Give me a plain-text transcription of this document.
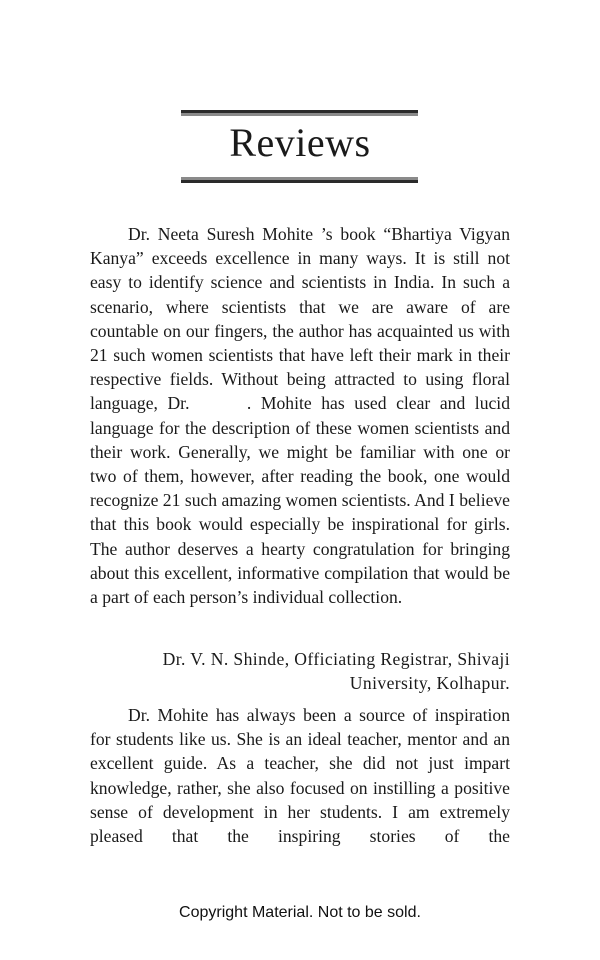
Reviews

Dr. Neeta Suresh Mohite ’s book “Bhartiya Vigyan Kanya” exceeds excellence in many ways. It is still not easy to identify science and scientists in India. In such a scenario, where scientists that we are aware of are countable on our fingers, the author has acquainted us with 21 such women scientists that have left their mark in their respective fields. Without being attracted to using floral language, Dr.      . Mohite has used clear and lucid language for the description of these women scientists and their work. Generally, we might be familiar with one or two of them, however, after reading the book, one would recognize 21 such amazing women scientists. And I believe that this book would especially be inspirational for girls. The author deserves a hearty congratulation for bringing about this excellent, informative compilation that would be a part of each person’s individual collection.

Dr. V. N. Shinde, Officiating Registrar, Shivaji
University, Kolhapur.

Dr. Mohite has always been a source of inspiration for students like us. She is an ideal teacher, mentor and an excellent guide. As a teacher, she did not just impart knowledge, rather, she also focused on instilling a positive sense of development in her students. I am extremely pleased that the inspiring stories of the

Copyright Material. Not to be sold.
